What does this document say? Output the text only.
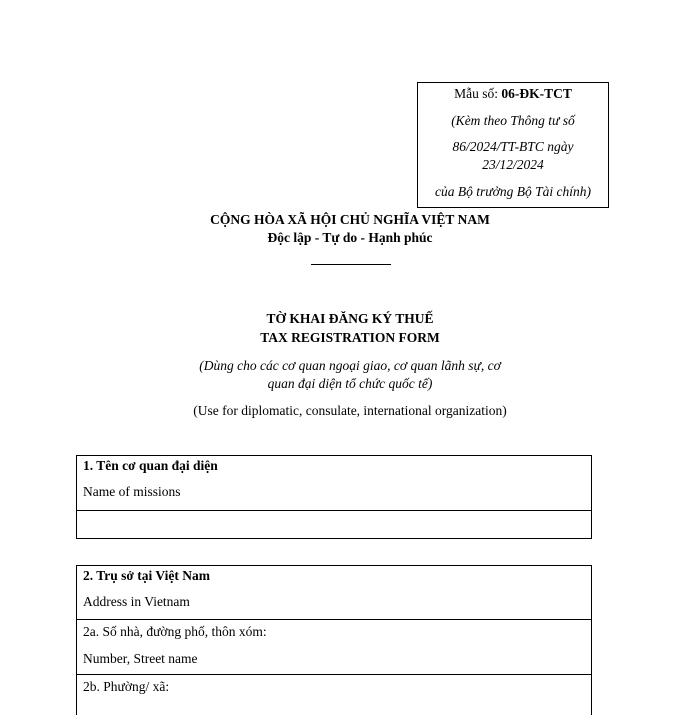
Mẫu số: 06-ĐK-TCT
(Kèm theo Thông tư số
86/2024/TT-BTC ngày
23/12/2024
của Bộ trưởng Bộ Tài chính)
CỘNG HÒA XÃ HỘI CHỦ NGHĨA VIỆT NAM
Độc lập - Tự do - Hạnh phúc
TỜ KHAI ĐĂNG KÝ THUẾ
TAX REGISTRATION FORM
(Dùng cho các cơ quan ngoại giao, cơ quan lãnh sự, cơ
quan đại diện tổ chức quốc tế)
(Use for diplomatic, consulate, international organization)
1. Tên cơ quan đại diện
Name of missions
2. Trụ sở tại Việt Nam
Address in Vietnam
2a. Số nhà, đường phố, thôn xóm:
Number, Street name
2b. Phường/ xã:
